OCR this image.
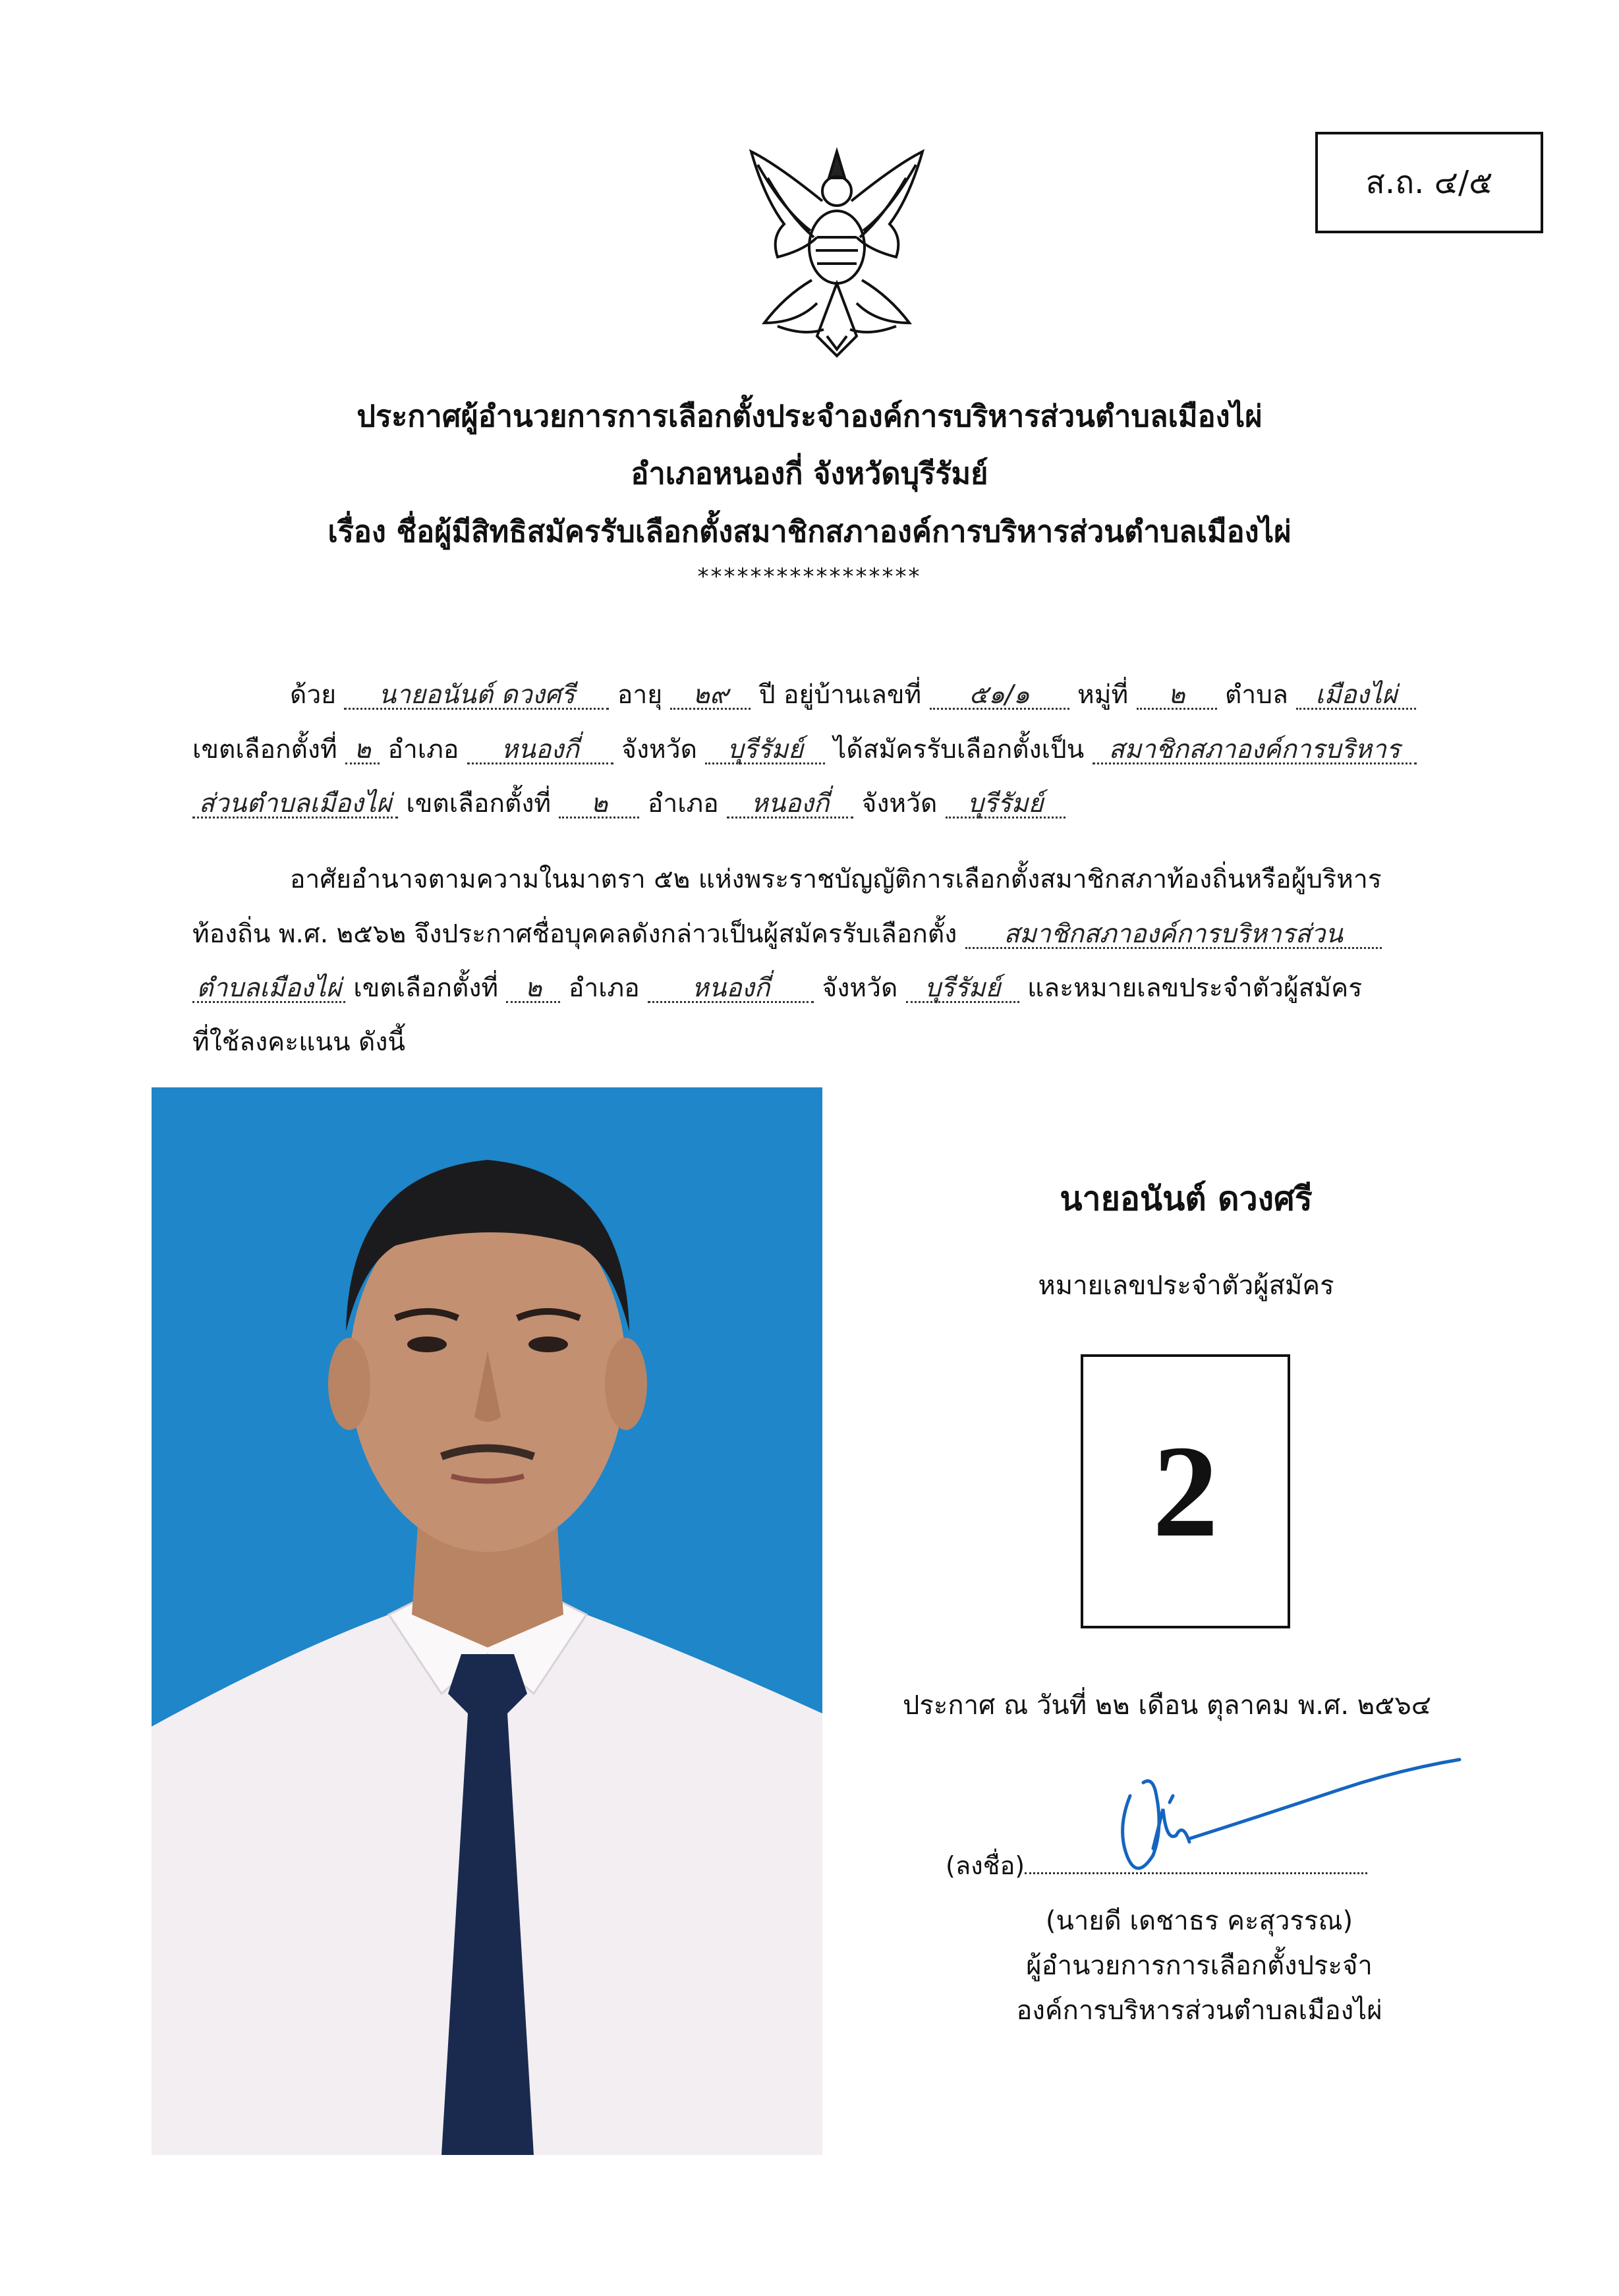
ส.ถ. ๔/๕
ประกาศผู้อำนวยการการเลือกตั้งประจำองค์การบริหารส่วนตำบลเมืองไผ่
อำเภอหนองกี่ จังหวัดบุรีรัมย์
เรื่อง ชื่อผู้มีสิทธิสมัครรับเลือกตั้งสมาชิกสภาองค์การบริหารส่วนตำบลเมืองไผ่
*****************
ด้วย นายอนันต์ ดวงศรี อายุ ๒๙ ปี อยู่บ้านเลขที่ ๕๑/๑ หมู่ที่ ๒ ตำบล เมืองไผ่
เขตเลือกตั้งที่ ๒ อำเภอ หนองกี่ จังหวัด บุรีรัมย์ ได้สมัครรับเลือกตั้งเป็น สมาชิกสภาองค์การบริหาร
ส่วนตำบลเมืองไผ่ เขตเลือกตั้งที่ ๒ อำเภอ หนองกี่ จังหวัด บุรีรัมย์
อาศัยอำนาจตามความในมาตรา ๕๒ แห่งพระราชบัญญัติการเลือกตั้งสมาชิกสภาท้องถิ่นหรือผู้บริหาร
ท้องถิ่น พ.ศ. ๒๕๖๒ จึงประกาศชื่อบุคคลดังกล่าวเป็นผู้สมัครรับเลือกตั้ง สมาชิกสภาองค์การบริหารส่วน
ตำบลเมืองไผ่ เขตเลือกตั้งที่ ๒ อำเภอ หนองกี่ จังหวัด บุรีรัมย์ และหมายเลขประจำตัวผู้สมัคร
ที่ใช้ลงคะแนน ดังนี้
นายอนันต์ ดวงศรี
หมายเลขประจำตัวผู้สมัคร
2
ประกาศ ณ วันที่ ๒๒ เดือน ตุลาคม พ.ศ. ๒๕๖๔
(ลงชื่อ)
(นายดี เดชาธร คะสุวรรณ)
ผู้อำนวยการการเลือกตั้งประจำ
องค์การบริหารส่วนตำบลเมืองไผ่
